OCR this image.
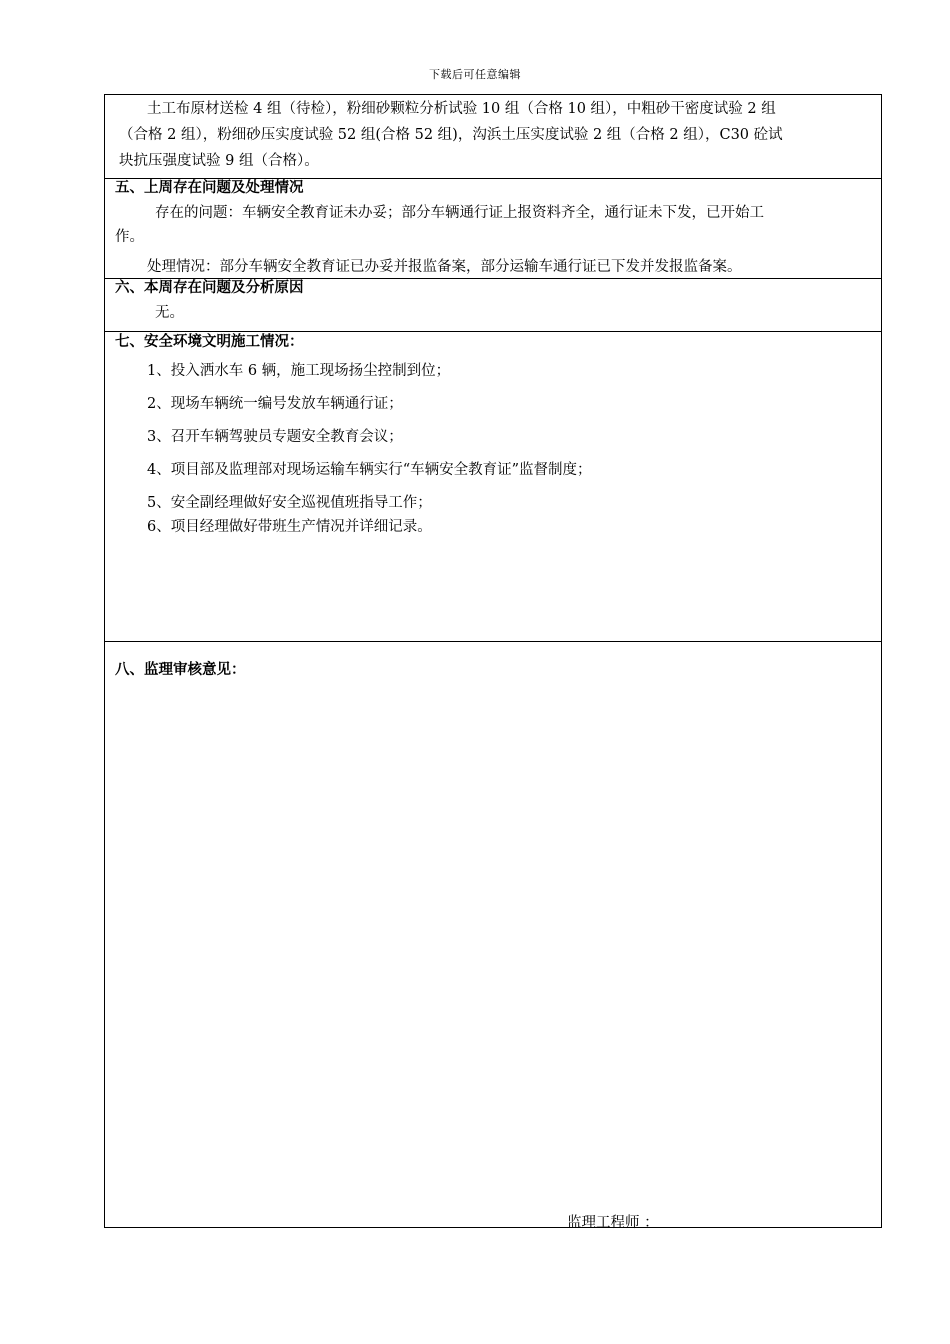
下载后可任意编辑
土工布原材送检 4 组（待检），粉细砂颗粒分析试验 10 组（合格 10 组），中粗砂干密度试验 2 组
（合格 2 组），粉细砂压实度试验 52 组(合格 52 组)，沟浜土压实度试验 2 组（合格 2 组），C30 砼试
块抗压强度试验 9 组（合格）。
五、上周存在问题及处理情况
存在的问题：车辆安全教育证未办妥；部分车辆通行证上报资料齐全，通行证未下发，已开始工
作。
处理情况：部分车辆安全教育证已办妥并报监备案，部分运输车通行证已下发并发报监备案。
六、本周存在问题及分析原因
无。
七、安全环境文明施工情况：
1、投入洒水车 6 辆，施工现场扬尘控制到位；
2、现场车辆统一编号发放车辆通行证；
3、召开车辆驾驶员专题安全教育会议；
4、项目部及监理部对现场运输车辆实行“车辆安全教育证”监督制度；
5、安全副经理做好安全巡视值班指导工作；
6、项目经理做好带班生产情况并详细记录。
八、监理审核意见：
监理工程师 ：
